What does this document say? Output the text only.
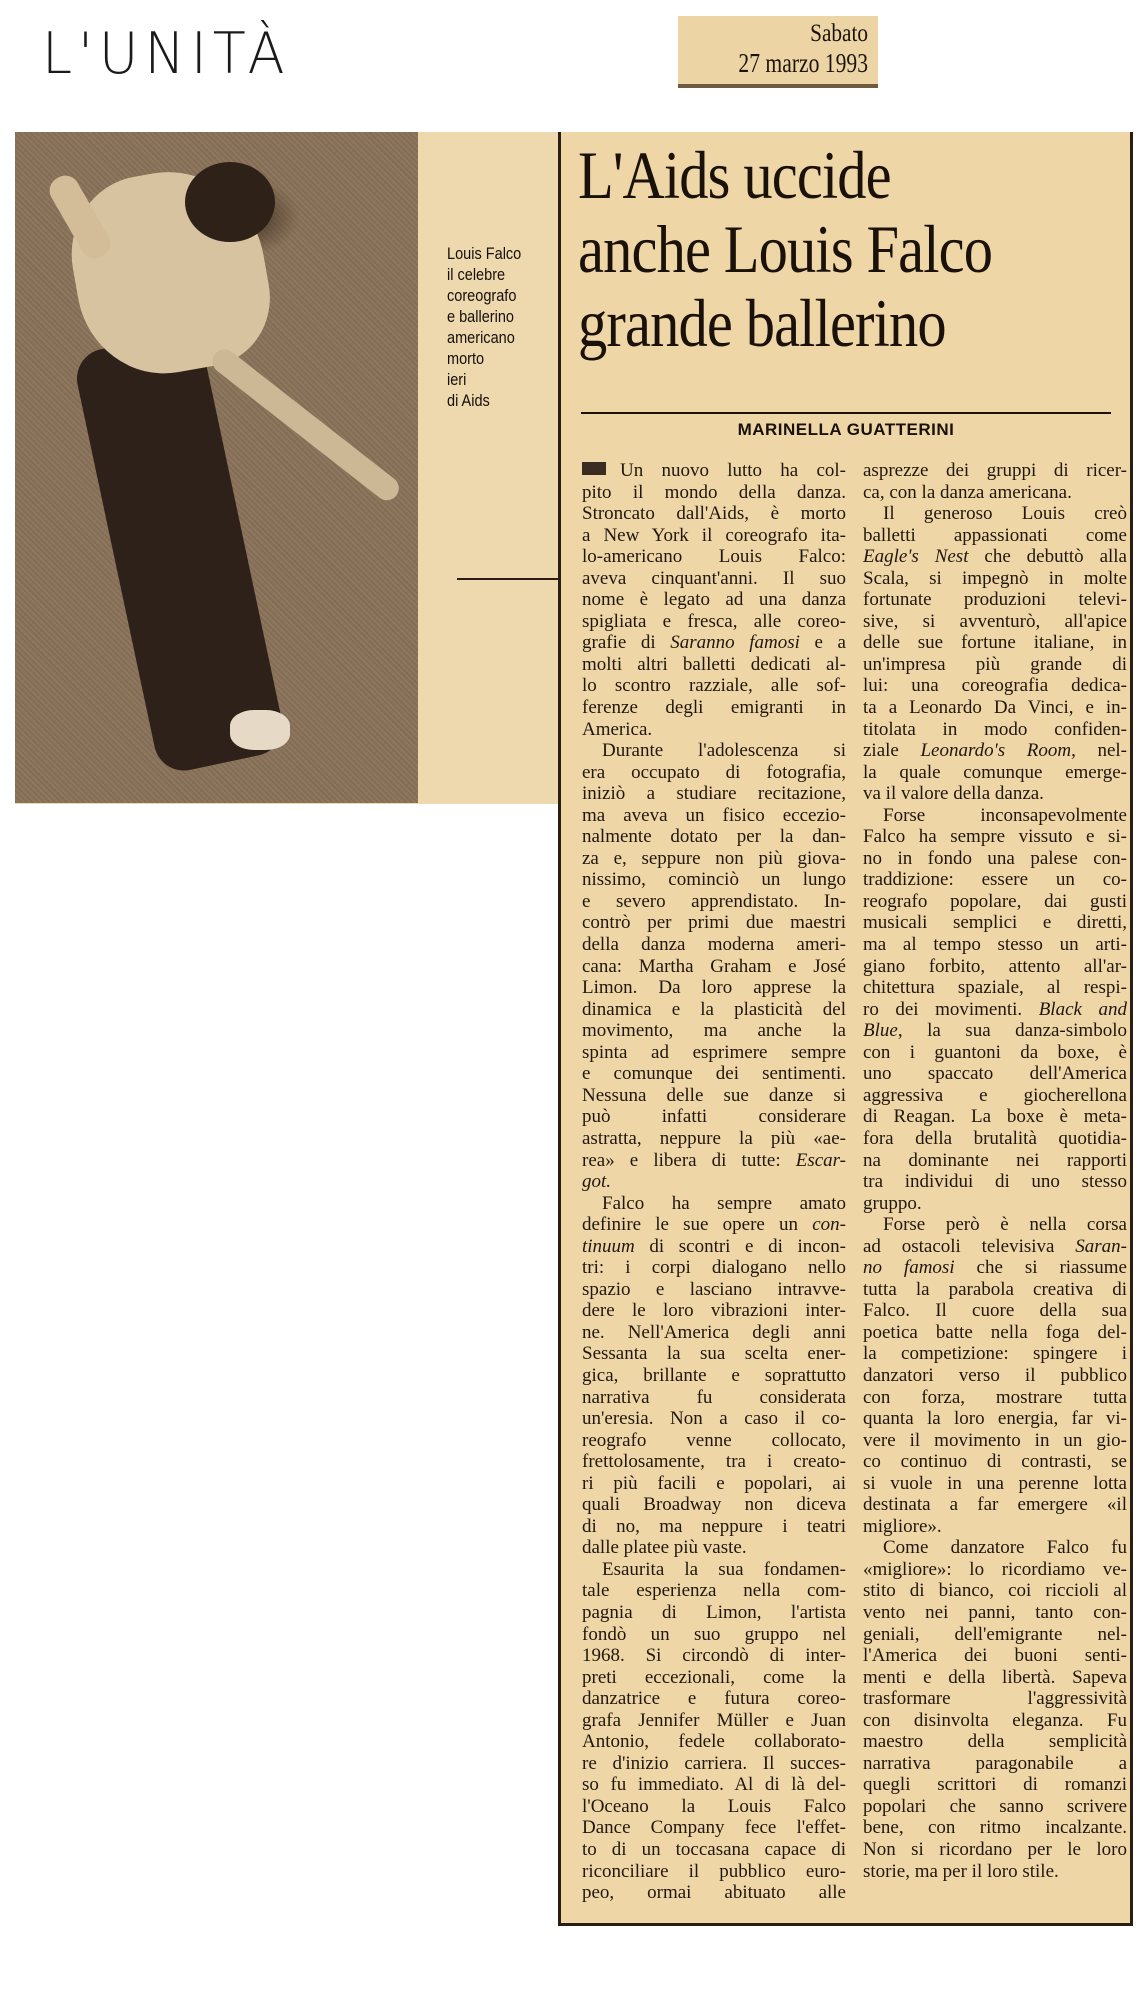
L'UNITÀ	Sabato
27 marzo 1993
Louis Falco
il celebre
coreografo
e ballerino
americano
morto
ieri
di Aids
L'Aids uccide
anche Louis Falco
grande ballerino
MARINELLA GUATTERINI
Un nuovo lutto ha col-
pito il mondo della danza.
Stroncato dall'Aids, è morto
a New York il coreografo ita-
lo-americano Louis Falco:
aveva cinquant'anni. Il suo
nome è legato ad una danza
spigliata e fresca, alle coreo-
grafie di Saranno famosi e a
molti altri balletti dedicati al-
lo scontro razziale, alle sof-
ferenze degli emigranti in
America.
Durante l'adolescenza si
era occupato di fotografia,
iniziò a studiare recitazione,
ma aveva un fisico eccezio-
nalmente dotato per la dan-
za e, seppure non più giova-
nissimo, cominciò un lungo
e severo apprendistato. In-
contrò per primi due maestri
della danza moderna ameri-
cana: Martha Graham e José
Limon. Da loro apprese la
dinamica e la plasticità del
movimento, ma anche la
spinta ad esprimere sempre
e comunque dei sentimenti.
Nessuna delle sue danze si
può infatti considerare
astratta, neppure la più «ae-
rea» e libera di tutte: Escar-
got.
Falco ha sempre amato
definire le sue opere un con-
tinuum di scontri e di incon-
tri: i corpi dialogano nello
spazio e lasciano intravve-
dere le loro vibrazioni inter-
ne. Nell'America degli anni
Sessanta la sua scelta ener-
gica, brillante e soprattutto
narrativa fu considerata
un'eresia. Non a caso il co-
reografo venne collocato,
frettolosamente, tra i creato-
ri più facili e popolari, ai
quali Broadway non diceva
di no, ma neppure i teatri
dalle platee più vaste.
Esaurita la sua fondamen-
tale esperienza nella com-
pagnia di Limon, l'artista
fondò un suo gruppo nel
1968. Si circondò di inter-
preti eccezionali, come la
danzatrice e futura coreo-
grafa Jennifer Müller e Juan
Antonio, fedele collaborato-
re d'inizio carriera. Il succes-
so fu immediato. Al di là del-
l'Oceano la Louis Falco
Dance Company fece l'effet-
to di un toccasana capace di
riconciliare il pubblico euro-
peo, ormai abituato alle
asprezze dei gruppi di ricer-
ca, con la danza americana.
Il generoso Louis creò
balletti appassionati come
Eagle's Nest che debuttò alla
Scala, si impegnò in molte
fortunate produzioni televi-
sive, si avventurò, all'apice
delle sue fortune italiane, in
un'impresa più grande di
lui: una coreografia dedica-
ta a Leonardo Da Vinci, e in-
titolata in modo confiden-
ziale Leonardo's Room, nel-
la quale comunque emerge-
va il valore della danza.
Forse inconsapevolmente
Falco ha sempre vissuto e si-
no in fondo una palese con-
traddizione: essere un co-
reografo popolare, dai gusti
musicali semplici e diretti,
ma al tempo stesso un arti-
giano forbito, attento all'ar-
chitettura spaziale, al respi-
ro dei movimenti. Black and
Blue, la sua danza-simbolo
con i guantoni da boxe, è
uno spaccato dell'America
aggressiva e giocherellona
di Reagan. La boxe è meta-
fora della brutalità quotidia-
na dominante nei rapporti
tra individui di uno stesso
gruppo.
Forse però è nella corsa
ad ostacoli televisiva Saran-
no famosi che si riassume
tutta la parabola creativa di
Falco. Il cuore della sua
poetica batte nella foga del-
la competizione: spingere i
danzatori verso il pubblico
con forza, mostrare tutta
quanta la loro energia, far vi-
vere il movimento in un gio-
co continuo di contrasti, se
si vuole in una perenne lotta
destinata a far emergere «il
migliore».
Come danzatore Falco fu
«migliore»: lo ricordiamo ve-
stito di bianco, coi riccioli al
vento nei panni, tanto con-
geniali, dell'emigrante nel-
l'America dei buoni senti-
menti e della libertà. Sapeva
trasformare l'aggressività
con disinvolta eleganza. Fu
maestro della semplicità
narrativa paragonabile a
quegli scrittori di romanzi
popolari che sanno scrivere
bene, con ritmo incalzante.
Non si ricordano per le loro
storie, ma per il loro stile.
